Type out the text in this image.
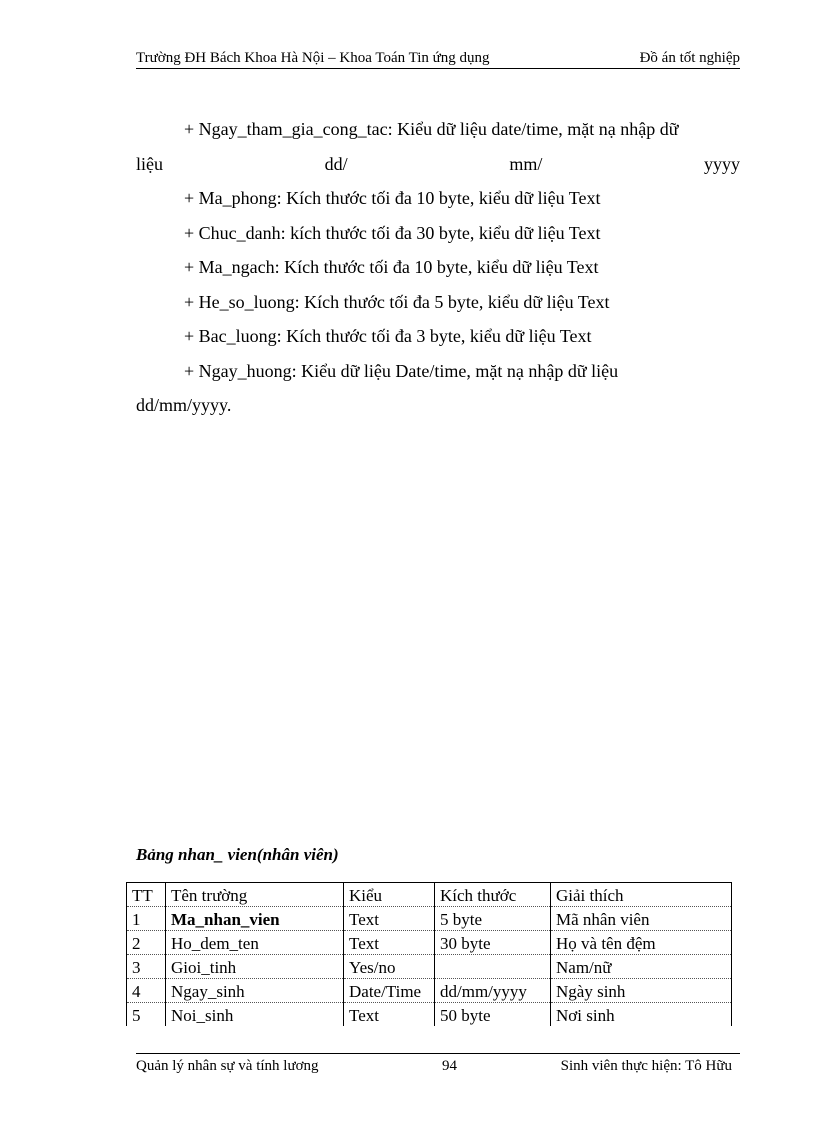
Trường ĐH Bách Khoa Hà Nội – Khoa Toán Tin ứng dụng	Đồ án tốt nghiệp
+ Ngay_tham_gia_cong_tac: Kiểu dữ liệu date/time, mặt nạ nhập dữ
liệu	dd/	mm/	yyyy
+ Ma_phong: Kích thước tối đa 10 byte, kiểu dữ liệu Text
+ Chuc_danh: kích thước tối đa 30 byte, kiểu dữ liệu Text
+ Ma_ngach: Kích thước tối đa 10 byte, kiểu dữ liệu Text
+ He_so_luong: Kích thước tối đa 5 byte, kiểu dữ liệu Text
+ Bac_luong: Kích thước tối đa 3 byte, kiểu dữ liệu Text
+ Ngay_huong: Kiểu dữ liệu Date/time, mặt nạ nhập dữ liệu
dd/mm/yyyy.
Bảng nhan_ vien(nhân viên)
TT	Tên trường	Kiểu	Kích thước	Giải thích
1	Ma_nhan_vien	Text	5 byte	Mã nhân viên
2	Ho_dem_ten	Text	30 byte	Họ và tên đệm
3	Gioi_tinh	Yes/no		Nam/nữ
4	Ngay_sinh	Date/Time	dd/mm/yyyy	Ngày sinh
5	Noi_sinh	Text	50 byte	Nơi sinh
Quản lý nhân sự và tính lương	94	Sinh viên thực hiện: Tô Hữu
